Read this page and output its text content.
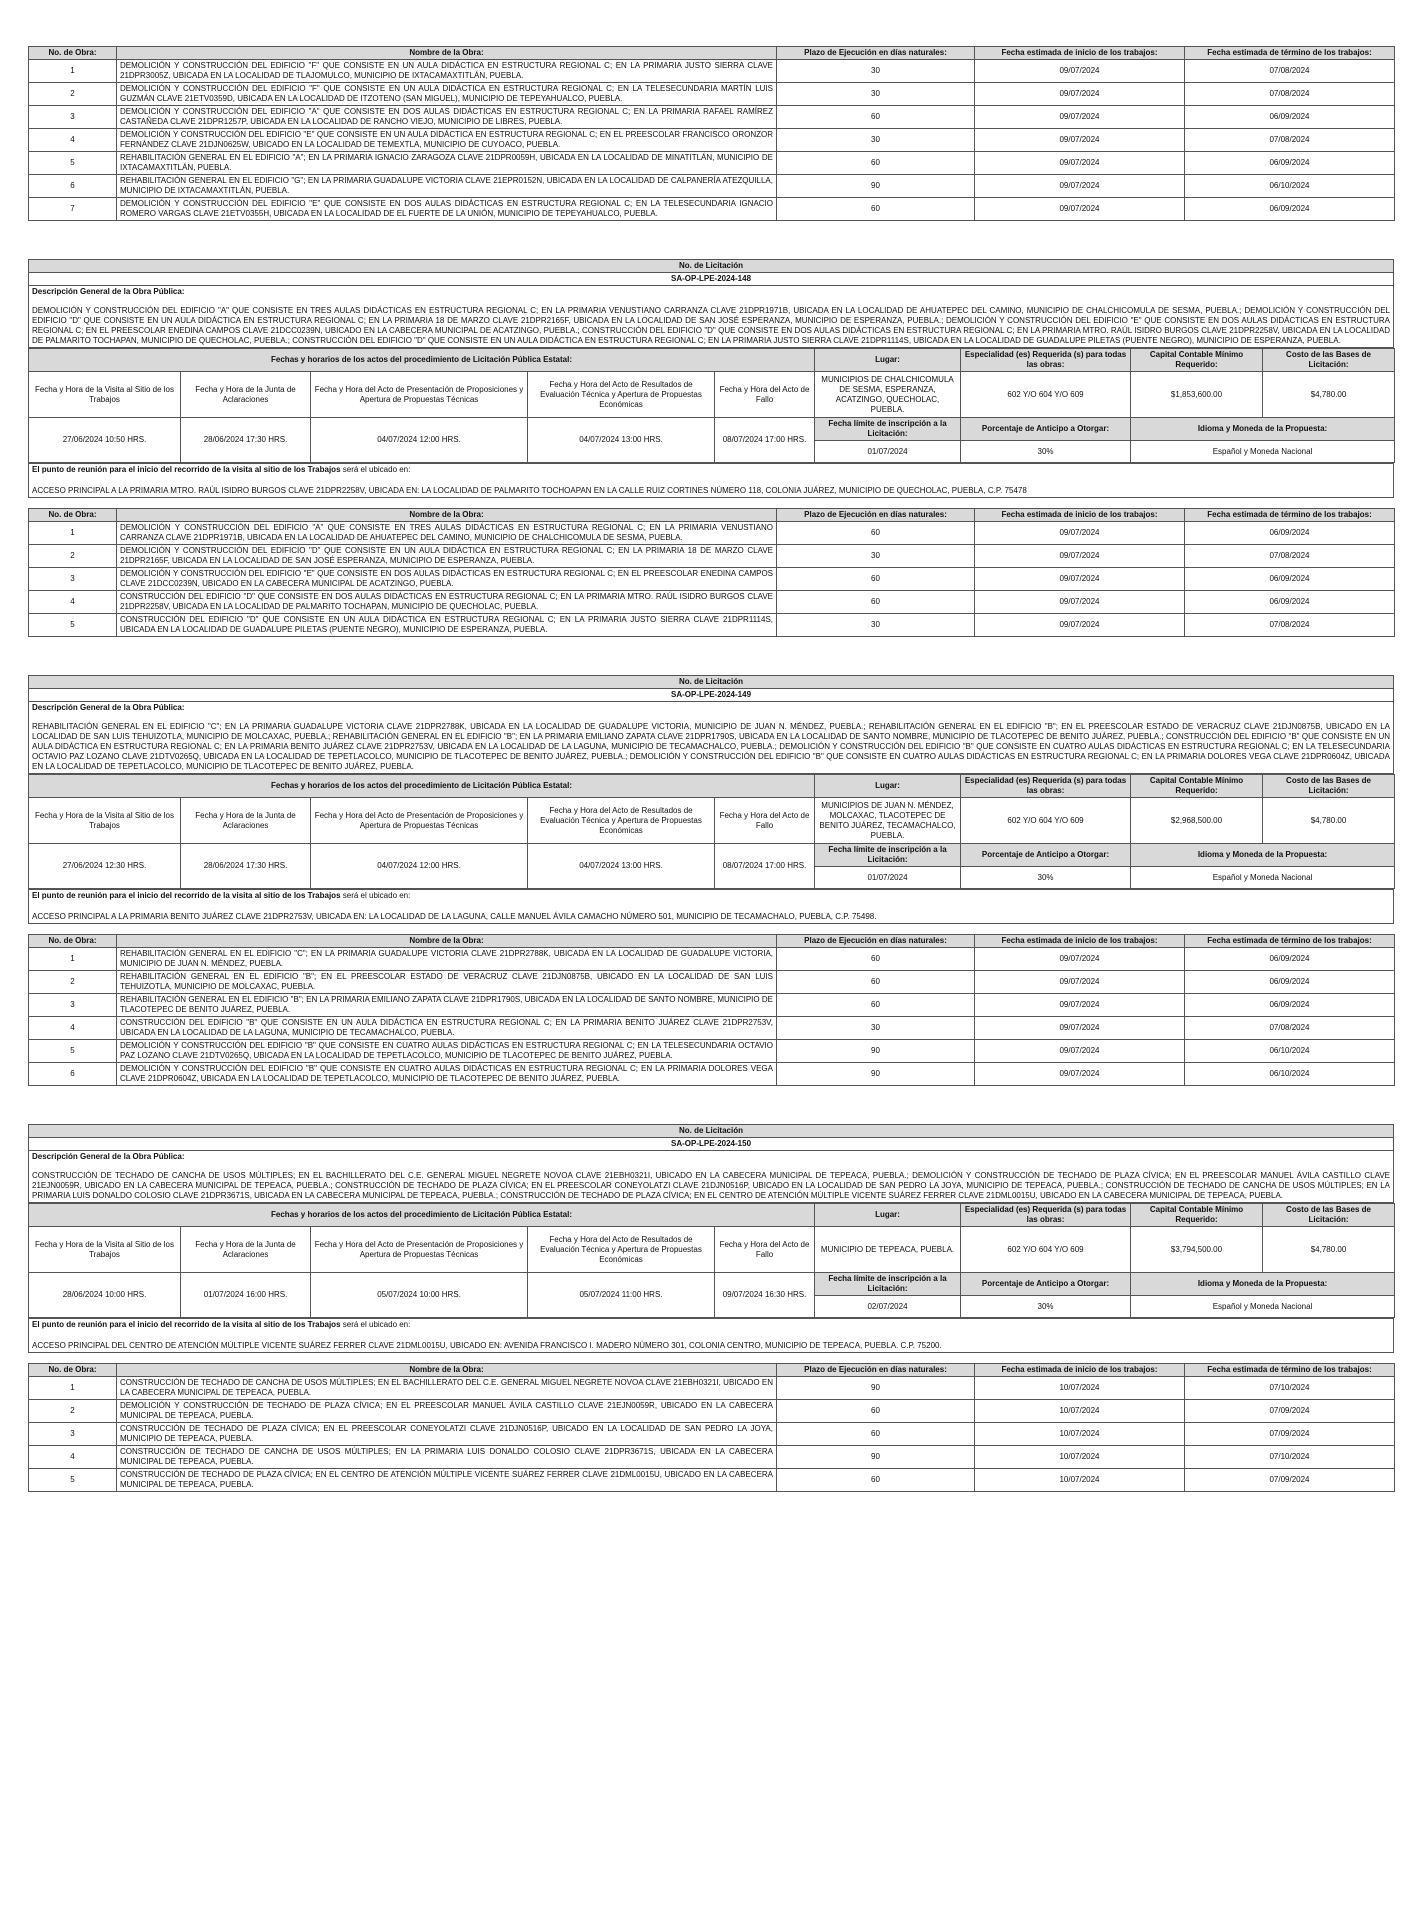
No. de Obra:	Nombre de la Obra:	Plazo de Ejecución en días naturales:	Fecha estimada de inicio de los trabajos:	Fecha estimada de término de los trabajos:
1	DEMOLICIÓN Y CONSTRUCCIÓN DEL EDIFICIO "F" QUE CONSISTE EN UN AULA DIDÁCTICA EN ESTRUCTURA REGIONAL C; EN LA PRIMARIA JUSTO SIERRA CLAVE 21DPR3005Z, UBICADA EN LA LOCALIDAD DE TLAJOMULCO, MUNICIPIO DE IXTACAMAXTITLÁN, PUEBLA.	30	09/07/2024	07/08/2024
2	DEMOLICIÓN Y CONSTRUCCIÓN DEL EDIFICIO "F" QUE CONSISTE EN UN AULA DIDÁCTICA EN ESTRUCTURA REGIONAL C; EN LA TELESECUNDARIA MARTÍN LUIS GUZMÁN CLAVE 21ETV0359D, UBICADA EN LA LOCALIDAD DE ITZOTENO (SAN MIGUEL), MUNICIPIO DE TEPEYAHUALCO, PUEBLA.	30	09/07/2024	07/08/2024
3	DEMOLICIÓN Y CONSTRUCCIÓN DEL EDIFICIO "A" QUE CONSISTE EN DOS AULAS DIDÁCTICAS EN ESTRUCTURA REGIONAL C; EN LA PRIMARIA RAFAEL RAMÍREZ CASTAÑEDA CLAVE 21DPR1257P, UBICADA EN LA LOCALIDAD DE RANCHO VIEJO, MUNICIPIO DE LIBRES, PUEBLA.	60	09/07/2024	06/09/2024
4	DEMOLICIÓN Y CONSTRUCCIÓN DEL EDIFICIO "E" QUE CONSISTE EN UN AULA DIDÁCTICA EN ESTRUCTURA REGIONAL C; EN EL PREESCOLAR FRANCISCO ORONZOR FERNÁNDEZ CLAVE 21DJN0625W, UBICADO EN LA LOCALIDAD DE TEMEXTLA, MUNICIPIO DE CUYOACO, PUEBLA.	30	09/07/2024	07/08/2024
5	REHABILITACIÓN GENERAL EN EL EDIFICIO "A"; EN LA PRIMARIA IGNACIO ZARAGOZA CLAVE 21DPR0059H, UBICADA EN LA LOCALIDAD DE MINATITLÁN, MUNICIPIO DE IXTACAMAXTITLÁN, PUEBLA.	60	09/07/2024	06/09/2024
6	REHABILITACIÓN GENERAL EN EL EDIFICIO "G"; EN LA PRIMARIA GUADALUPE VICTORIA CLAVE 21EPR0152N, UBICADA EN LA LOCALIDAD DE CALPANERÍA ATEZQUILLA, MUNICIPIO DE IXTACAMAXTITLÁN, PUEBLA.	90	09/07/2024	06/10/2024
7	DEMOLICIÓN Y CONSTRUCCIÓN DEL EDIFICIO "E" QUE CONSISTE EN DOS AULAS DIDÁCTICAS EN ESTRUCTURA REGIONAL C; EN LA TELESECUNDARIA IGNACIO ROMERO VARGAS CLAVE 21ETV0355H, UBICADA EN LA LOCALIDAD DE EL FUERTE DE LA UNIÓN, MUNICIPIO DE TEPEYAHUALCO, PUEBLA.	60	09/07/2024	06/09/2024
No. de Licitación
SA-OP-LPE-2024-148
Descripción General de la Obra Pública:
DEMOLICIÓN Y CONSTRUCCIÓN DEL EDIFICIO "A" QUE CONSISTE EN TRES AULAS DIDÁCTICAS EN ESTRUCTURA REGIONAL C; EN LA PRIMARIA VENUSTIANO CARRANZA CLAVE 21DPR1971B, UBICADA EN LA LOCALIDAD DE AHUATEPEC DEL CAMINO, MUNICIPIO DE CHALCHICOMULA DE SESMA, PUEBLA.; DEMOLICIÓN Y CONSTRUCCIÓN DEL EDIFICIO "D" QUE CONSISTE EN UN AULA DIDÁCTICA EN ESTRUCTURA REGIONAL C; EN LA PRIMARIA 18 DE MARZO CLAVE 21DPR2165F, UBICADA EN LA LOCALIDAD DE SAN JOSÉ ESPERANZA, MUNICIPIO DE ESPERANZA, PUEBLA.; DEMOLICIÓN Y CONSTRUCCIÓN DEL EDIFICIO "E" QUE CONSISTE EN DOS AULAS DIDÁCTICAS EN ESTRUCTURA REGIONAL C; EN EL PREESCOLAR ENEDINA CAMPOS CLAVE 21DCC0239N, UBICADO EN LA CABECERA MUNICIPAL DE ACATZINGO, PUEBLA.; CONSTRUCCIÓN DEL EDIFICIO "D" QUE CONSISTE EN DOS AULAS DIDÁCTICAS EN ESTRUCTURA REGIONAL C; EN LA PRIMARIA MTRO. RAÚL ISIDRO BURGOS CLAVE 21DPR2258V, UBICADA EN LA LOCALIDAD DE PALMARITO TOCHAPAN, MUNICIPIO DE QUECHOLAC, PUEBLA.; CONSTRUCCIÓN DEL EDIFICIO "D" QUE CONSISTE EN UN AULA DIDÁCTICA EN ESTRUCTURA REGIONAL C; EN LA PRIMARIA JUSTO SIERRA CLAVE 21DPR1114S, UBICADA EN LA LOCALIDAD DE GUADALUPE PILETAS (PUENTE NEGRO), MUNICIPIO DE ESPERANZA, PUEBLA.
Fechas y horarios de los actos del procedimiento de Licitación Pública Estatal:					Lugar:	Especialidad (es) Requerida (s) para todas las obras:	Capital Contable Mínimo Requerido:	Costo de las Bases de Licitación:
Fecha y Hora de la Visita al Sitio de los Trabajos	Fecha y Hora de la Junta de Aclaraciones	Fecha y Hora del Acto de Presentación de Proposiciones y Apertura de Propuestas Técnicas	Fecha y Hora del Acto de Resultados de Evaluación Técnica y Apertura de Propuestas Económicas	Fecha y Hora del Acto de Fallo	MUNICIPIOS DE CHALCHICOMULA DE SESMA, ESPERANZA, ACATZINGO, QUECHOLAC, PUEBLA.	602 Y/O 604 Y/O 609	$1,853,600.00	$4,780.00
27/06/2024 10:50 HRS.	28/06/2024 17:30 HRS.	04/07/2024 12:00 HRS.	04/07/2024 13:00 HRS.	08/07/2024 17:00 HRS.	Fecha límite de inscripción a la Licitación:	Porcentaje de Anticipo a Otorgar:	Idioma y Moneda de la Propuesta:	
					01/07/2024	30%	Español y Moneda Nacional	
El punto de reunión para el inicio del recorrido de la visita al sitio de los Trabajos será el ubicado en:
ACCESO PRINCIPAL A LA PRIMARIA MTRO. RAÚL ISIDRO BURGOS CLAVE 21DPR2258V, UBICADA EN: LA LOCALIDAD DE PALMARITO TOCHOAPAN EN LA CALLE RUIZ CORTINES NÚMERO 118, COLONIA JUÁREZ, MUNICIPIO DE QUECHOLAC, PUEBLA, C.P. 75478
No. de Obra:	Nombre de la Obra:	Plazo de Ejecución en días naturales:	Fecha estimada de inicio de los trabajos:	Fecha estimada de término de los trabajos:
1	DEMOLICIÓN Y CONSTRUCCIÓN DEL EDIFICIO "A" QUE CONSISTE EN TRES AULAS DIDÁCTICAS EN ESTRUCTURA REGIONAL C; EN LA PRIMARIA VENUSTIANO CARRANZA CLAVE 21DPR1971B, UBICADA EN LA LOCALIDAD DE AHUATEPEC DEL CAMINO, MUNICIPIO DE CHALCHICOMULA DE SESMA, PUEBLA.	60	09/07/2024	06/09/2024
2	DEMOLICIÓN Y CONSTRUCCIÓN DEL EDIFICIO "D" QUE CONSISTE EN UN AULA DIDÁCTICA EN ESTRUCTURA REGIONAL C; EN LA PRIMARIA 18 DE MARZO CLAVE 21DPR2165F, UBICADA EN LA LOCALIDAD DE SAN JOSÉ ESPERANZA, MUNICIPIO DE ESPERANZA, PUEBLA.	30	09/07/2024	07/08/2024
3	DEMOLICIÓN Y CONSTRUCCIÓN DEL EDIFICIO "E" QUE CONSISTE EN DOS AULAS DIDÁCTICAS EN ESTRUCTURA REGIONAL C; EN EL PREESCOLAR ENEDINA CAMPOS CLAVE 21DCC0239N, UBICADO EN LA CABECERA MUNICIPAL DE ACATZINGO, PUEBLA.	60	09/07/2024	06/09/2024
4	CONSTRUCCIÓN DEL EDIFICIO "D" QUE CONSISTE EN DOS AULAS DIDÁCTICAS EN ESTRUCTURA REGIONAL C; EN LA PRIMARIA MTRO. RAÚL ISIDRO BURGOS CLAVE 21DPR2258V, UBICADA EN LA LOCALIDAD DE PALMARITO TOCHAPAN, MUNICIPIO DE QUECHOLAC, PUEBLA.	60	09/07/2024	06/09/2024
5	CONSTRUCCIÓN DEL EDIFICIO "D" QUE CONSISTE EN UN AULA DIDÁCTICA EN ESTRUCTURA REGIONAL C; EN LA PRIMARIA JUSTO SIERRA CLAVE 21DPR1114S, UBICADA EN LA LOCALIDAD DE GUADALUPE PILETAS (PUENTE NEGRO), MUNICIPIO DE ESPERANZA, PUEBLA.	30	09/07/2024	07/08/2024
No. de Licitación
SA-OP-LPE-2024-149
Descripción General de la Obra Pública:
REHABILITACIÓN GENERAL EN EL EDIFICIO "C"; EN LA PRIMARIA GUADALUPE VICTORIA CLAVE 21DPR2788K, UBICADA EN LA LOCALIDAD DE GUADALUPE VICTORIA, MUNICIPIO DE JUAN N. MÉNDEZ, PUEBLA.; REHABILITACIÓN GENERAL EN EL EDIFICIO "B"; EN EL PREESCOLAR ESTADO DE VERACRUZ CLAVE 21DJN0875B, UBICADO EN LA LOCALIDAD DE SAN LUIS TEHUIZOTLA, MUNICIPIO DE MOLCAXAC, PUEBLA.; REHABILITACIÓN GENERAL EN EL EDIFICIO "B"; EN LA PRIMARIA EMILIANO ZAPATA CLAVE 21DPR1790S, UBICADA EN LA LOCALIDAD DE SANTO NOMBRE, MUNICIPIO DE TLACOTEPEC DE BENITO JUÁREZ, PUEBLA.; CONSTRUCCIÓN DEL EDIFICIO "B" QUE CONSISTE EN UN AULA DIDÁCTICA EN ESTRUCTURA REGIONAL C; EN LA PRIMARIA BENITO JUÁREZ CLAVE 21DPR2753V, UBICADA EN LA LOCALIDAD DE LA LAGUNA, MUNICIPIO DE TECAMACHALCO, PUEBLA.; DEMOLICIÓN Y CONSTRUCCIÓN DEL EDIFICIO "B" QUE CONSISTE EN CUATRO AULAS DIDÁCTICAS EN ESTRUCTURA REGIONAL C; EN LA TELESECUNDARIA OCTAVIO PAZ LOZANO CLAVE 21DTV0265Q, UBICADA EN LA LOCALIDAD DE TEPETLACOLCO, MUNICIPIO DE TLACOTEPEC DE BENITO JUÁREZ, PUEBLA.; DEMOLICIÓN Y CONSTRUCCIÓN DEL EDIFICIO "B" QUE CONSISTE EN CUATRO AULAS DIDÁCTICAS EN ESTRUCTURA REGIONAL C; EN LA PRIMARIA DOLORES VEGA CLAVE 21DPR0604Z, UBICADA EN LA LOCALIDAD DE TEPETLACOLCO, MUNICIPIO DE TLACOTEPEC DE BENITO JUÁREZ, PUEBLA.
Fechas y horarios de los actos del procedimiento de Licitación Pública Estatal:					Lugar:	Especialidad (es) Requerida (s) para todas las obras:	Capital Contable Mínimo Requerido:	Costo de las Bases de Licitación:
Fecha y Hora de la Visita al Sitio de los Trabajos	Fecha y Hora de la Junta de Aclaraciones	Fecha y Hora del Acto de Presentación de Proposiciones y Apertura de Propuestas Técnicas	Fecha y Hora del Acto de Resultados de Evaluación Técnica y Apertura de Propuestas Económicas	Fecha y Hora del Acto de Fallo	MUNICIPIOS DE JUAN N. MÉNDEZ, MOLCAXAC, TLACOTEPEC DE BENITO JUÁREZ, TECAMACHALCO, PUEBLA.	602 Y/O 604 Y/O 609	$2,968,500.00	$4,780.00
27/06/2024 12:30 HRS.	28/06/2024 17:30 HRS.	04/07/2024 12:00 HRS.	04/07/2024 13:00 HRS.	08/07/2024 17:00 HRS.	Fecha límite de inscripción a la Licitación:	Porcentaje de Anticipo a Otorgar:	Idioma y Moneda de la Propuesta:	
					01/07/2024	30%	Español y Moneda Nacional	
El punto de reunión para el inicio del recorrido de la visita al sitio de los Trabajos será el ubicado en:
ACCESO PRINCIPAL A LA PRIMARIA BENITO JUÁREZ CLAVE 21DPR2753V, UBICADA EN: LA LOCALIDAD DE LA LAGUNA, CALLE MANUEL ÁVILA CAMACHO NÚMERO 501, MUNICIPIO DE TECAMACHALO, PUEBLA, C.P. 75498.
No. de Obra:	Nombre de la Obra:	Plazo de Ejecución en días naturales:	Fecha estimada de inicio de los trabajos:	Fecha estimada de término de los trabajos:
1	REHABILITACIÓN GENERAL EN EL EDIFICIO "C"; EN LA PRIMARIA GUADALUPE VICTORIA CLAVE 21DPR2788K, UBICADA EN LA LOCALIDAD DE GUADALUPE VICTORIA, MUNICIPIO DE JUAN N. MÉNDEZ, PUEBLA.	60	09/07/2024	06/09/2024
2	REHABILITACIÓN GENERAL EN EL EDIFICIO "B"; EN EL PREESCOLAR ESTADO DE VERACRUZ CLAVE 21DJN0875B, UBICADO EN LA LOCALIDAD DE SAN LUIS TEHUIZOTLA, MUNICIPIO DE MOLCAXAC, PUEBLA.	60	09/07/2024	06/09/2024
3	REHABILITACIÓN GENERAL EN EL EDIFICIO "B"; EN LA PRIMARIA EMILIANO ZAPATA CLAVE 21DPR1790S, UBICADA EN LA LOCALIDAD DE SANTO NOMBRE, MUNICIPIO DE TLACOTEPEC DE BENITO JUÁREZ, PUEBLA.	60	09/07/2024	06/09/2024
4	CONSTRUCCIÓN DEL EDIFICIO "B" QUE CONSISTE EN UN AULA DIDÁCTICA EN ESTRUCTURA REGIONAL C; EN LA PRIMARIA BENITO JUÁREZ CLAVE 21DPR2753V, UBICADA EN LA LOCALIDAD DE LA LAGUNA, MUNICIPIO DE TECAMACHALCO, PUEBLA.	30	09/07/2024	07/08/2024
5	DEMOLICIÓN Y CONSTRUCCIÓN DEL EDIFICIO "B" QUE CONSISTE EN CUATRO AULAS DIDÁCTICAS EN ESTRUCTURA REGIONAL C; EN LA TELESECUNDARIA OCTAVIO PAZ LOZANO CLAVE 21DTV0265Q, UBICADA EN LA LOCALIDAD DE TEPETLACOLCO, MUNICIPIO DE TLACOTEPEC DE BENITO JUÁREZ, PUEBLA.	90	09/07/2024	06/10/2024
6	DEMOLICIÓN Y CONSTRUCCIÓN DEL EDIFICIO "B" QUE CONSISTE EN CUATRO AULAS DIDÁCTICAS EN ESTRUCTURA REGIONAL C; EN LA PRIMARIA DOLORES VEGA CLAVE 21DPR0604Z, UBICADA EN LA LOCALIDAD DE TEPETLACOLCO, MUNICIPIO DE TLACOTEPEC DE BENITO JUÁREZ, PUEBLA.	90	09/07/2024	06/10/2024
No. de Licitación
SA-OP-LPE-2024-150
Descripción General de la Obra Pública:
CONSTRUCCIÓN DE TECHADO DE CANCHA DE USOS MÚLTIPLES; EN EL BACHILLERATO DEL C.E. GENERAL MIGUEL NEGRETE NOVOA CLAVE 21EBH0321I, UBICADO EN LA CABECERA MUNICIPAL DE TEPEACA, PUEBLA.; DEMOLICIÓN Y CONSTRUCCIÓN DE TECHADO DE PLAZA CÍVICA; EN EL PREESCOLAR MANUEL ÁVILA CASTILLO CLAVE 21EJN0059R, UBICADO EN LA CABECERA MUNICIPAL DE TEPEACA, PUEBLA.; CONSTRUCCIÓN DE TECHADO DE PLAZA CÍVICA; EN EL PREESCOLAR CONEYOLATZI CLAVE 21DJN0516P, UBICADO EN LA LOCALIDAD DE SAN PEDRO LA JOYA, MUNICIPIO DE TEPEACA, PUEBLA.; CONSTRUCCIÓN DE TECHADO DE CANCHA DE USOS MÚLTIPLES; EN LA PRIMARIA LUIS DONALDO COLOSIO CLAVE 21DPR3671S, UBICADA EN LA CABECERA MUNICIPAL DE TEPEACA, PUEBLA.; CONSTRUCCIÓN DE TECHADO DE PLAZA CÍVICA; EN EL CENTRO DE ATENCIÓN MÚLTIPLE VICENTE SUÁREZ FERRER CLAVE 21DML0015U, UBICADO EN LA CABECERA MUNICIPAL DE TEPEACA, PUEBLA.
Fechas y horarios de los actos del procedimiento de Licitación Pública Estatal:					Lugar:	Especialidad (es) Requerida (s) para todas las obras:	Capital Contable Mínimo Requerido:	Costo de las Bases de Licitación:
Fecha y Hora de la Visita al Sitio de los Trabajos	Fecha y Hora de la Junta de Aclaraciones	Fecha y Hora del Acto de Presentación de Proposiciones y Apertura de Propuestas Técnicas	Fecha y Hora del Acto de Resultados de Evaluación Técnica y Apertura de Propuestas Económicas	Fecha y Hora del Acto de Fallo	MUNICIPIO DE TEPEACA, PUEBLA.	602 Y/O 604 Y/O 609	$3,794,500.00	$4,780.00
28/06/2024 10:00 HRS.	01/07/2024 16:00 HRS.	05/07/2024 10:00 HRS.	05/07/2024 11:00 HRS.	09/07/2024 16:30 HRS.	Fecha límite de inscripción a la Licitación:	Porcentaje de Anticipo a Otorgar:	Idioma y Moneda de la Propuesta:	
					02/07/2024	30%	Español y Moneda Nacional	
El punto de reunión para el inicio del recorrido de la visita al sitio de los Trabajos será el ubicado en:
ACCESO PRINCIPAL DEL CENTRO DE ATENCIÓN MÚLTIPLE VICENTE SUÁREZ FERRER CLAVE 21DML0015U, UBICADO EN: AVENIDA FRANCISCO I. MADERO NÚMERO 301, COLONIA CENTRO, MUNICIPIO DE TEPEACA, PUEBLA. C.P. 75200.
No. de Obra:	Nombre de la Obra:	Plazo de Ejecución en días naturales:	Fecha estimada de inicio de los trabajos:	Fecha estimada de término de los trabajos:
1	CONSTRUCCIÓN DE TECHADO DE CANCHA DE USOS MÚLTIPLES; EN EL BACHILLERATO DEL C.E. GENERAL MIGUEL NEGRETE NOVOA CLAVE 21EBH0321I, UBICADO EN LA CABECERA MUNICIPAL DE TEPEACA, PUEBLA.	90	10/07/2024	07/10/2024
2	DEMOLICIÓN Y CONSTRUCCIÓN DE TECHADO DE PLAZA CÍVICA; EN EL PREESCOLAR MANUEL ÁVILA CASTILLO CLAVE 21EJN0059R, UBICADO EN LA CABECERA MUNICIPAL DE TEPEACA, PUEBLA.	60	10/07/2024	07/09/2024
3	CONSTRUCCIÓN DE TECHADO DE PLAZA CÍVICA; EN EL PREESCOLAR CONEYOLATZI CLAVE 21DJN0516P, UBICADO EN LA LOCALIDAD DE SAN PEDRO LA JOYA, MUNICIPIO DE TEPEACA, PUEBLA.	60	10/07/2024	07/09/2024
4	CONSTRUCCIÓN DE TECHADO DE CANCHA DE USOS MÚLTIPLES; EN LA PRIMARIA LUIS DONALDO COLOSIO CLAVE 21DPR3671S, UBICADA EN LA CABECERA MUNICIPAL DE TEPEACA, PUEBLA.	90	10/07/2024	07/10/2024
5	CONSTRUCCIÓN DE TECHADO DE PLAZA CÍVICA; EN EL CENTRO DE ATENCIÓN MÚLTIPLE VICENTE SUÁREZ FERRER CLAVE 21DML0015U, UBICADO EN LA CABECERA MUNICIPAL DE TEPEACA, PUEBLA.	60	10/07/2024	07/09/2024
